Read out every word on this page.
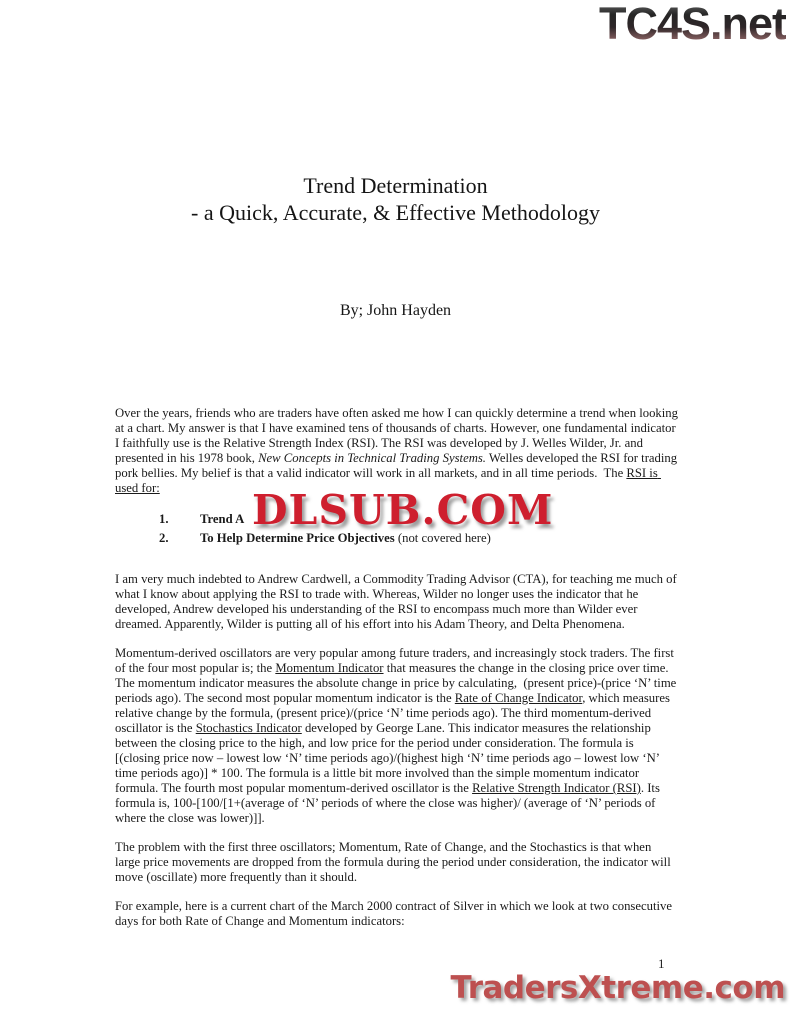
TC4S.net
Trend Determination
- a Quick, Accurate, & Effective Methodology
By; John Hayden

Over the years, friends who are traders have often asked me how I can quickly determine a trend when looking at a chart. My answer is that I have examined tens of thousands of charts. However, one fundamental indicator I faithfully use is the Relative Strength Index (RSI). The RSI was developed by J. Welles Wilder, Jr. and presented in his 1978 book, New Concepts in Technical Trading Systems. Welles developed the RSI for trading pork bellies. My belief is that a valid indicator will work in all markets, and in all time periods.  The RSI is used for:

1.	Trend A
2.	To Help Determine Price Objectives (not covered here)

I am very much indebted to Andrew Cardwell, a Commodity Trading Advisor (CTA), for teaching me much of what I know about applying the RSI to trade with. Whereas, Wilder no longer uses the indicator that he developed, Andrew developed his understanding of the RSI to encompass much more than Wilder ever dreamed. Apparently, Wilder is putting all of his effort into his Adam Theory, and Delta Phenomena.

Momentum-derived oscillators are very popular among future traders, and increasingly stock traders. The first of the four most popular is; the Momentum Indicator that measures the change in the closing price over time. The momentum indicator measures the absolute change in price by calculating,  (present price)-(price ‘N’ time periods ago). The second most popular momentum indicator is the Rate of Change Indicator, which measures relative change by the formula, (present price)/(price ‘N’ time periods ago). The third momentum-derived oscillator is the Stochastics Indicator developed by George Lane. This indicator measures the relationship between the closing price to the high, and low price for the period under consideration. The formula is [(closing price now – lowest low ‘N’ time periods ago)/(highest high ‘N’ time periods ago – lowest low ‘N’ time periods ago)] * 100. The formula is a little bit more involved than the simple momentum indicator formula. The fourth most popular momentum-derived oscillator is the Relative Strength Indicator (RSI). Its formula is, 100-[100/[1+(average of ‘N’ periods of where the close was higher)/ (average of ‘N’ periods of where the close was lower)]].

The problem with the first three oscillators; Momentum, Rate of Change, and the Stochastics is that when large price movements are dropped from the formula during the period under consideration, the indicator will move (oscillate) more frequently than it should.

For example, here is a current chart of the March 2000 contract of Silver in which we look at two consecutive days for both Rate of Change and Momentum indicators:

DLSUB.COM
1
TradersXtreme.com
